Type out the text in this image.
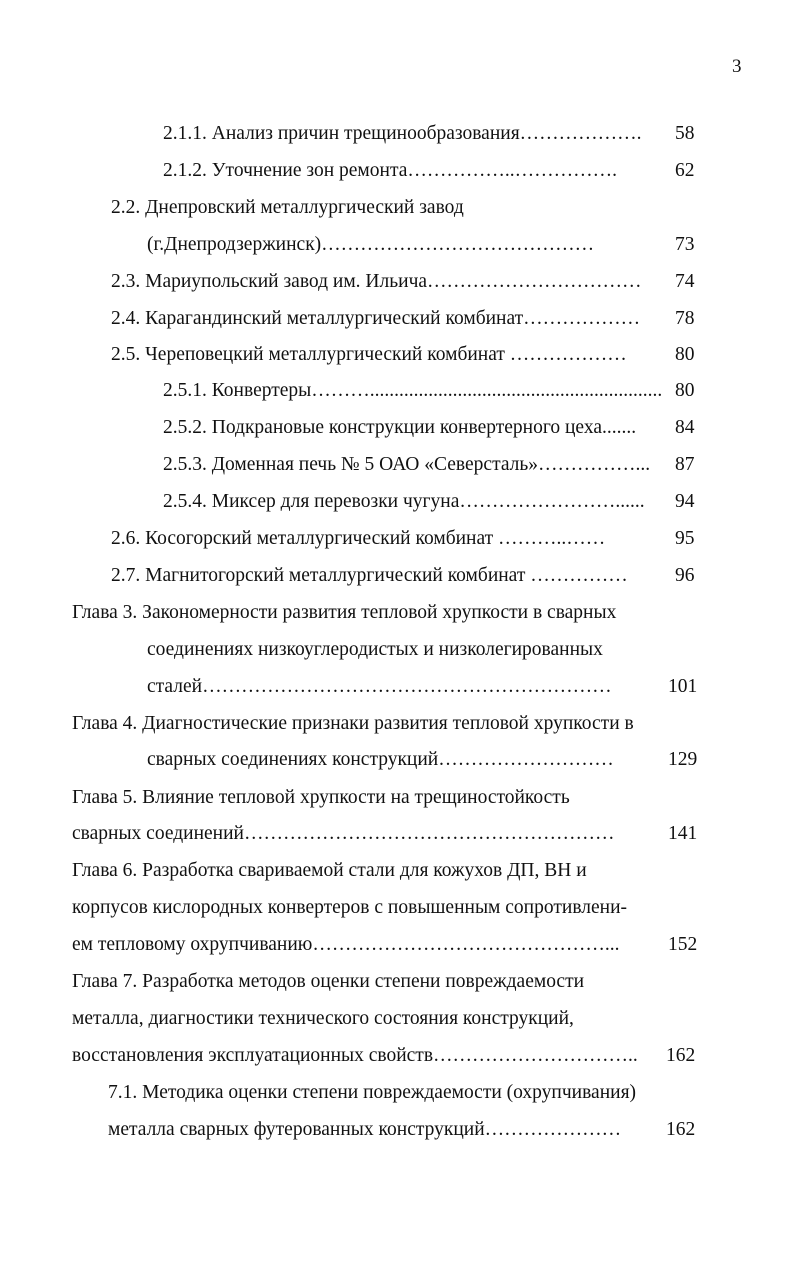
3
2.1.1. Анализ причин трещинообразования………………. 58
2.1.2. Уточнение зон ремонта……………..…………….	62
2.2. Днепровский металлургический завод
(г.Днепродзержинск)……………………………………	73
2.3. Мариупольский завод им. Ильича…………………………… 74
2.4. Карагандинский металлургический комбинат……………… 78
2.5. Череповецкий металлургический комбинат ……………… 80
2.5.1. Конвертеры………............................................................ 80
2.5.2. Подкрановые конструкции конвертерного цеха....... 84
2.5.3. Доменная печь № 5 ОАО «Северсталь»……………... 87
2.5.4. Миксер для перевозки чугуна……………………...... 94
2.6. Косогорский металлургический комбинат ………..……	95
2.7. Магнитогорский металлургический комбинат …………… 96
Глава 3. Закономерности развития тепловой хрупкости в сварных
соединениях низкоуглеродистых и низколегированных
сталей………………………………………………………	101
Глава 4. Диагностические признаки развития тепловой хрупкости в
сварных соединениях конструкций………………………	129
Глава 5. Влияние тепловой хрупкости на трещиностойкость
сварных соединений…………………………………………………	141
Глава 6. Разработка свариваемой стали для кожухов ДП, ВН и
корпусов кислородных конвертеров с повышенным сопротивлени-
ем тепловому охрупчиванию………………………………………... 152
Глава 7. Разработка методов оценки степени повреждаемости
металла, диагностики технического состояния конструкций,
восстановления эксплуатационных свойств………………………….. 162
7.1. Методика оценки степени повреждаемости (охрупчивания)
металла сварных футерованных конструкций………………… 162
